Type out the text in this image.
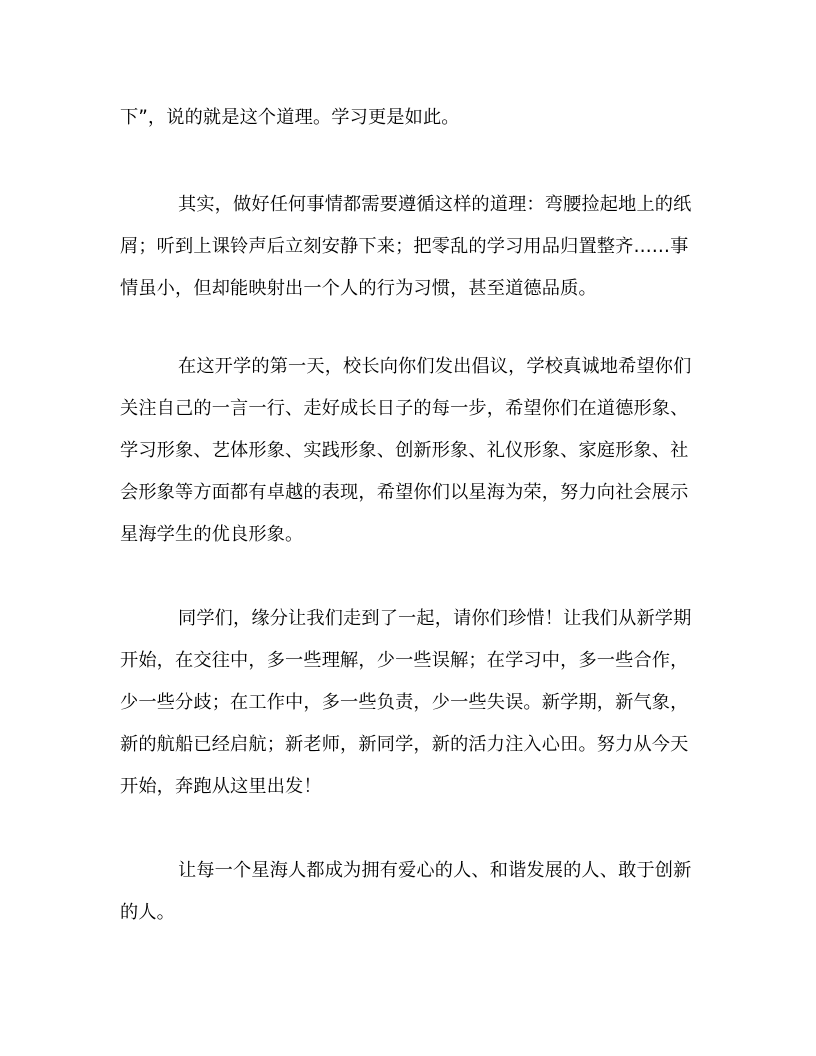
下”，说的就是这个道理。学习更是如此。
其实，做好任何事情都需要遵循这样的道理：弯腰捡起地上的纸
屑；听到上课铃声后立刻安静下来；把零乱的学习用品归置整齐……事
情虽小，但却能映射出一个人的行为习惯，甚至道德品质。
在这开学的第一天，校长向你们发出倡议，学校真诚地希望你们
关注自己的一言一行、走好成长日子的每一步，希望你们在道德形象、
学习形象、艺体形象、实践形象、创新形象、礼仪形象、家庭形象、社
会形象等方面都有卓越的表现，希望你们以星海为荣，努力向社会展示
星海学生的优良形象。
同学们，缘分让我们走到了一起，请你们珍惜！让我们从新学期
开始，在交往中，多一些理解，少一些误解；在学习中，多一些合作，
少一些分歧；在工作中，多一些负责，少一些失误。新学期，新气象，
新的航船已经启航；新老师，新同学，新的活力注入心田。努力从今天
开始，奔跑从这里出发！
让每一个星海人都成为拥有爱心的人、和谐发展的人、敢于创新
的人。
